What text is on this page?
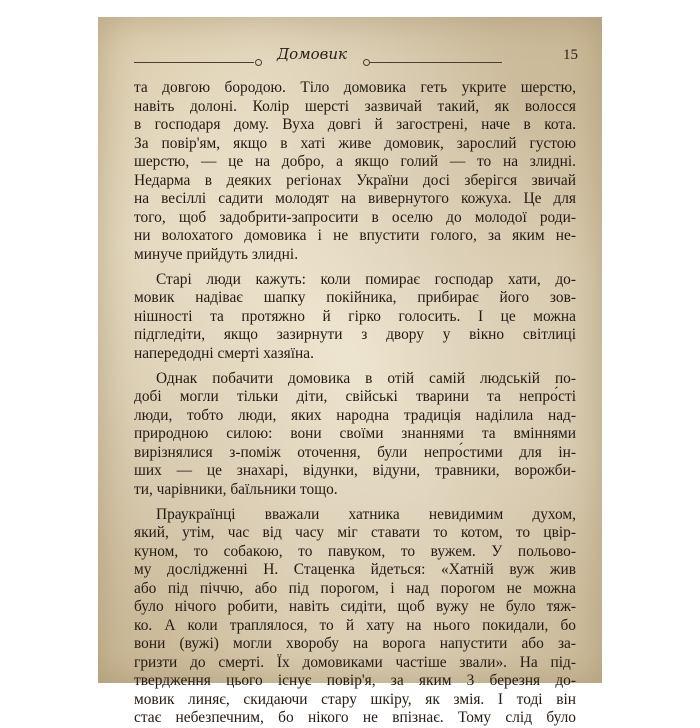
Домовик	15
та довгою бородою. Тіло домовика геть укрите шерстю,
навіть долоні. Колір шерсті зазвичай такий, як волосся
в господаря дому. Вуха довгі й загострені, наче в кота.
За повір'ям, якщо в хаті живе домовик, зарослий густою
шерстю, — це на добро, а якщо голий — то на злидні.
Недарма в деяких регіонах України досі зберігся звичай
на весіллі садити молодят на вивернутого кожуха. Це для
того, щоб задобрити-запросити в оселю до молодої роди-
ни волохатого домовика і не впустити голого, за яким не-
минуче прийдуть злидні.
Старі люди кажуть: коли помирає господар хати, до-
мовик надіває шапку покійника, прибирає його зов-
нішності та протяжно й гірко голосить. І це можна
підгледіти, якщо зазирнути з двору у вікно світлиці
напередодні смерті хазяїна.
Однак побачити домовика в отій самій людській по-
добі могли тільки діти, свійські тварини та непро́сті
люди, тобто люди, яких народна традиція наділила над-
природною силою: вони своїми знаннями та вміннями
вирізнялися з-поміж оточення, були непро́стими для ін-
ших — це знахарі, відунки, відуни, травники, ворожби-
ти, чарівники, баїльники тощо.
Праукраїнці вважали хатника невидимим духом,
який, утім, час від часу міг ставати то котом, то цвір-
куном, то собакою, то павуком, то вужем. У польово-
му дослідженні Н. Стаценка йдеться: «Хатній вуж жив
або під піччю, або під порогом, і над порогом не можна
було нічого робити, навіть сидіти, щоб вужу не було тяж-
ко. А коли траплялося, то й хату на нього покидали, бо
вони (вужі) могли хворобу на ворога напустити або за-
гризти до смерті. Їх домовиками частіше звали». На під-
твердження цього існує повір'я, за яким 3 березня до-
мовик линяє, скидаючи стару шкіру, як змія. І тоді він
стає небезпечним, бо нікого не впізнає. Тому слід було
